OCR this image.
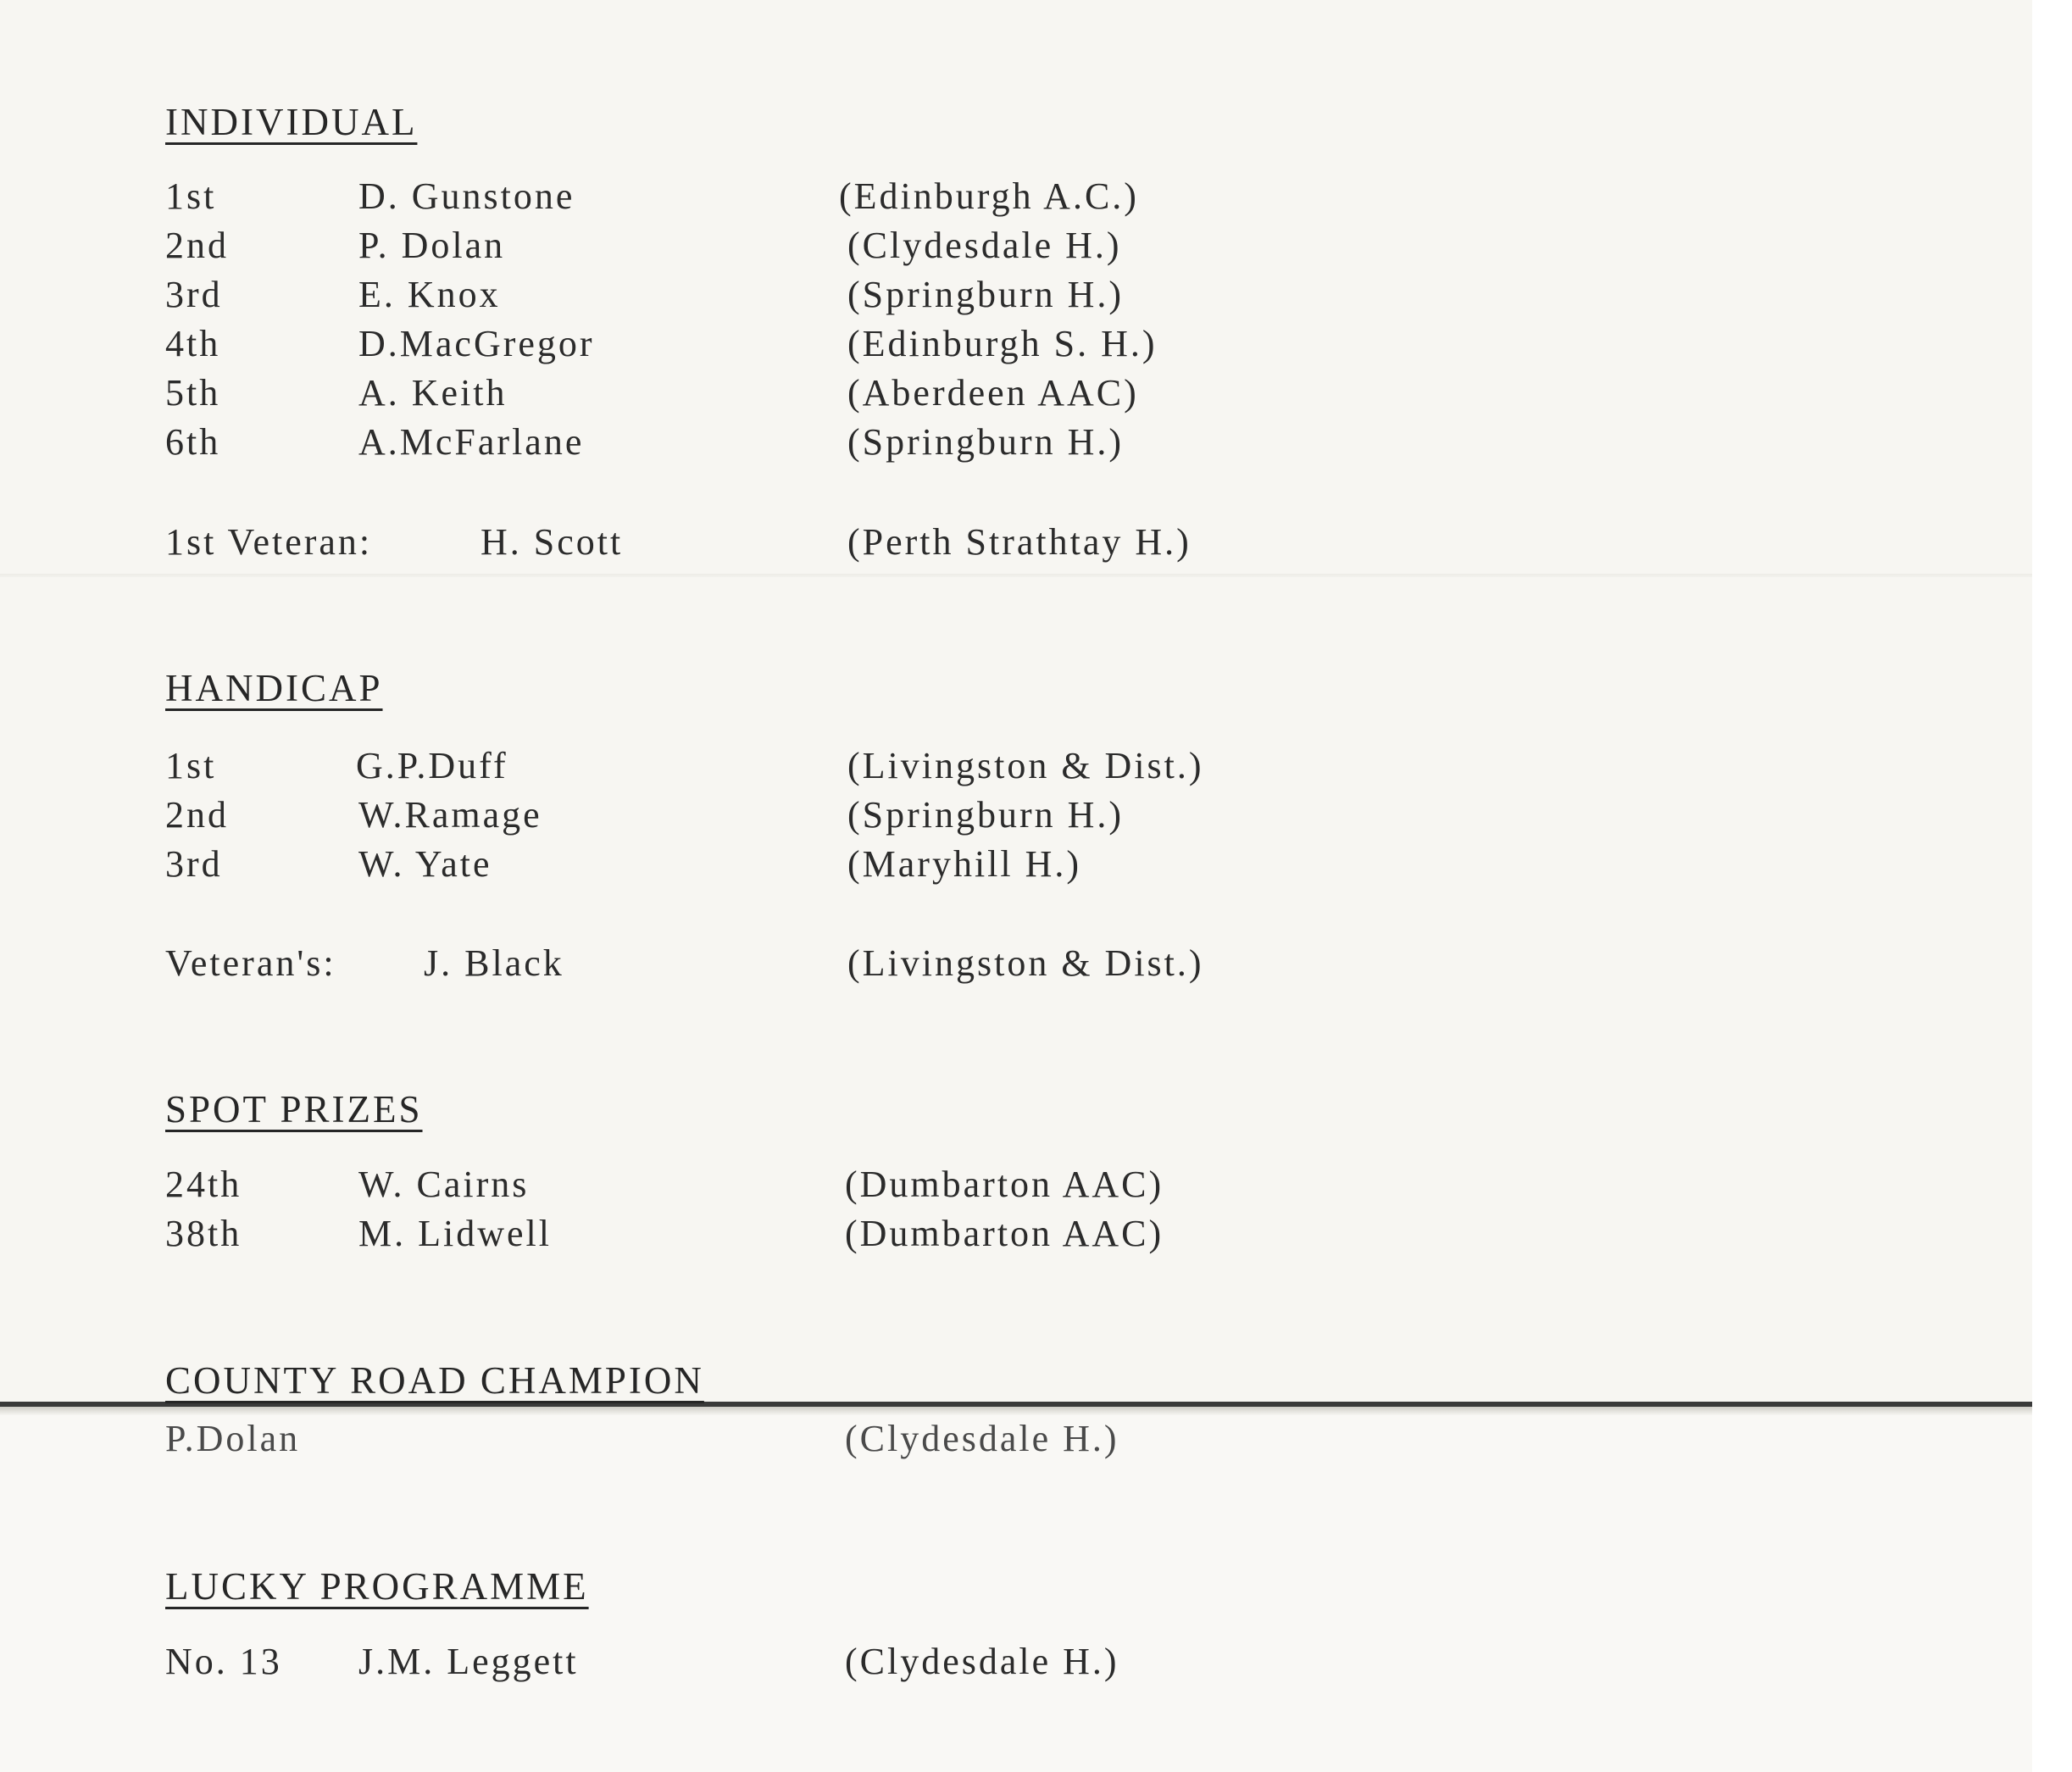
INDIVIDUAL
1st	D. Gunstone	(Edinburgh A.C.)
2nd	P. Dolan	(Clydesdale H.)
3rd	E. Knox	(Springburn H.)
4th	D.MacGregor	(Edinburgh S. H.)
5th	A. Keith	(Aberdeen AAC)
6th	A.McFarlane	(Springburn H.)
1st Veteran:	H. Scott	(Perth Strathtay H.)
HANDICAP
1st	G.P.Duff	(Livingston & Dist.)
2nd	W.Ramage	(Springburn H.)
3rd	W. Yate	(Maryhill H.)
Veteran's: J. Black	(Livingston & Dist.)
SPOT PRIZES
24th	W. Cairns	(Dumbarton AAC)
38th	M. Lidwell	(Dumbarton AAC)
COUNTY ROAD CHAMPION
P.Dolan	(Clydesdale H.)
LUCKY PROGRAMME
No. 13 J.M. Leggett	(Clydesdale H.)
